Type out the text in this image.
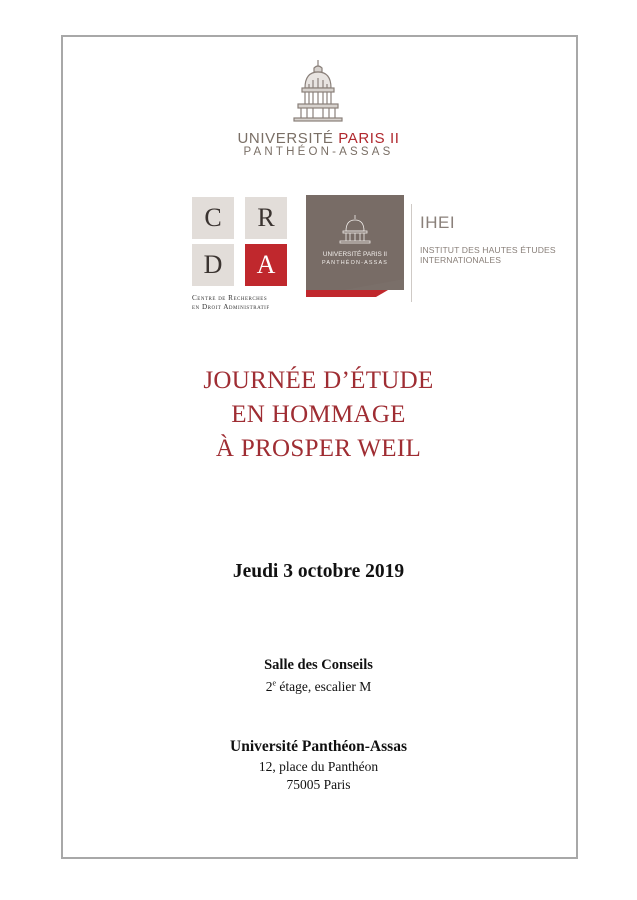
UNIVERSITÉ PARIS II
PANTHÉON-ASSAS
C	R
D	A
Centre de Recherches
en Droit Administratif
UNIVERSITÉ PARIS II
PANTHÉON-ASSAS
IHEI
INSTITUT DES HAUTES ÉTUDES
INTERNATIONALES
JOURNÉE D’ÉTUDE
EN HOMMAGE
À PROSPER WEIL
Jeudi 3 octobre 2019
Salle des Conseils
2e étage, escalier M
Université Panthéon-Assas
12, place du Panthéon
75005 Paris
